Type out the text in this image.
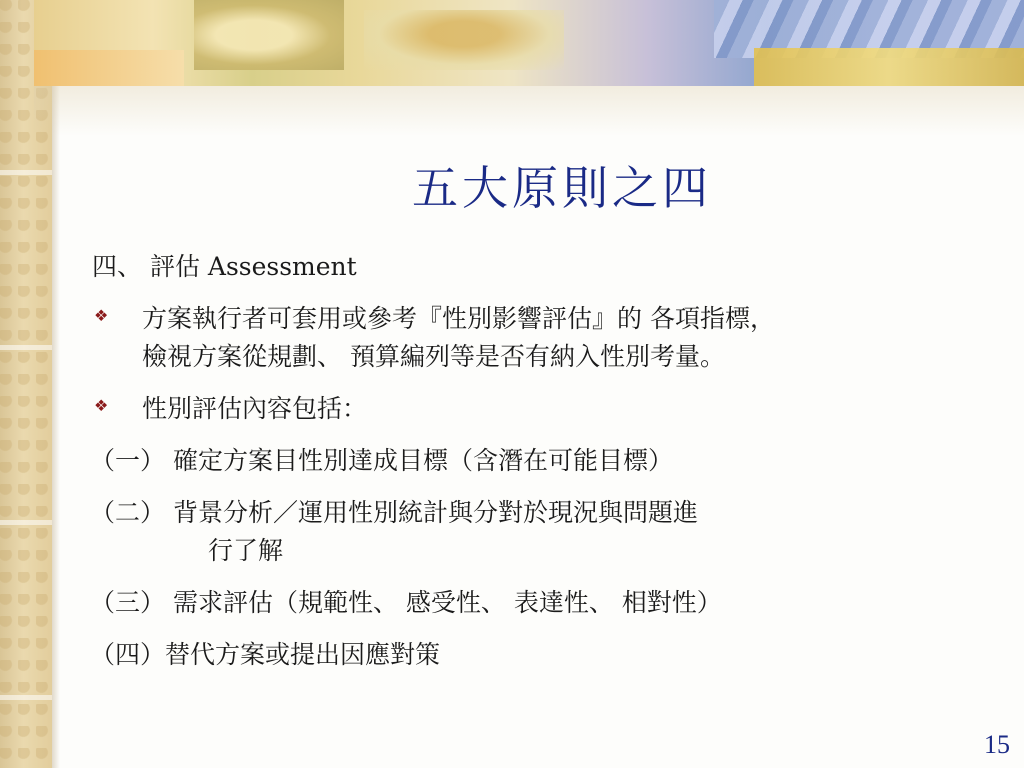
五大原則之四
四、 評估 Assessment
❖ 方案執行者可套用或參考『性別影響評估』的 各項指標，
檢視方案從規劃、 預算編列等是否有納入性別考量。
❖ 性別評估內容包括：
（一） 確定方案目性別達成目標（含潛在可能目標）
（二） 背景分析／運用性別統計與分對於現況與問題進
行了解
（三） 需求評估（規範性、 感受性、 表達性、 相對性）
（四）替代方案或提出因應對策
15
